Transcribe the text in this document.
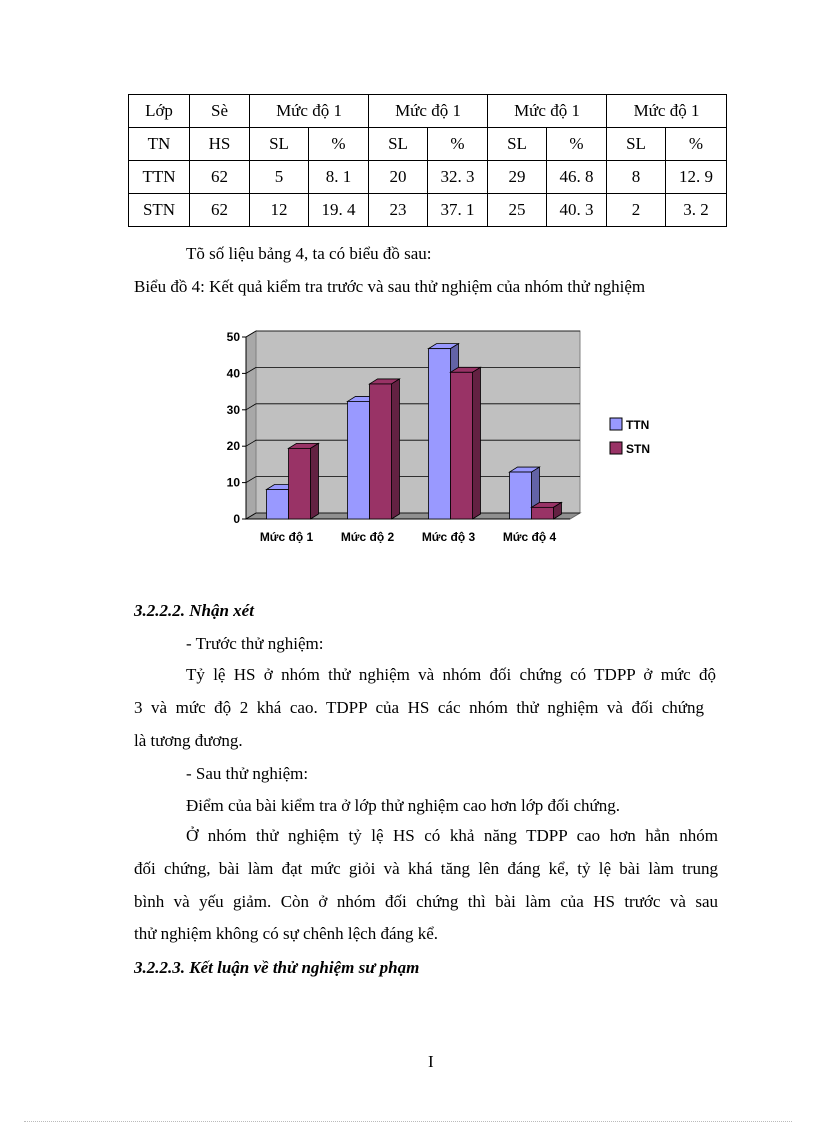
Lớp	Sè	Mức độ 1		Mức độ 1		Mức độ 1		Mức độ 1	
TN	HS	SL	%	SL	%	SL	%	SL	%
TTN	62	5	8. 1	20	32. 3	29	46. 8	8	12. 9
STN	62	12	19. 4	23	37. 1	25	40. 3	2	3. 2
Tõ số liệu bảng 4, ta có biểu đồ sau:
Biểu đồ 4: Kết quả kiểm tra trước và sau thử nghiệm của nhóm thử nghiệm
0
10
20
30
40
50
Mức độ 1 Mức độ 2 Mức độ 3 Mức độ 4
TTN
STN
3.2.2.2. Nhận xét
- Trước thử nghiệm:
Tỷ lệ HS ở nhóm thử nghiệm và nhóm đối chứng có TDPP ở mức độ
3 và mức độ 2 khá cao. TDPP của HS các nhóm thử nghiệm và đối chứng
là tương đương.
- Sau thử nghiệm:
Điểm của bài kiểm tra ở lớp thử nghiệm cao hơn lớp đối chứng.
Ở nhóm thử nghiệm tỷ lệ HS có khả năng TDPP cao hơn hẳn nhóm
đối chứng, bài làm đạt mức giỏi và khá tăng lên đáng kể, tỷ lệ bài làm trung
bình và yếu giảm. Còn ở nhóm đối chứng thì bài làm của HS trước và sau
thử nghiệm không có sự chênh lệch đáng kể.
3.2.2.3. Kết luận về thử nghiệm sư phạm
I
